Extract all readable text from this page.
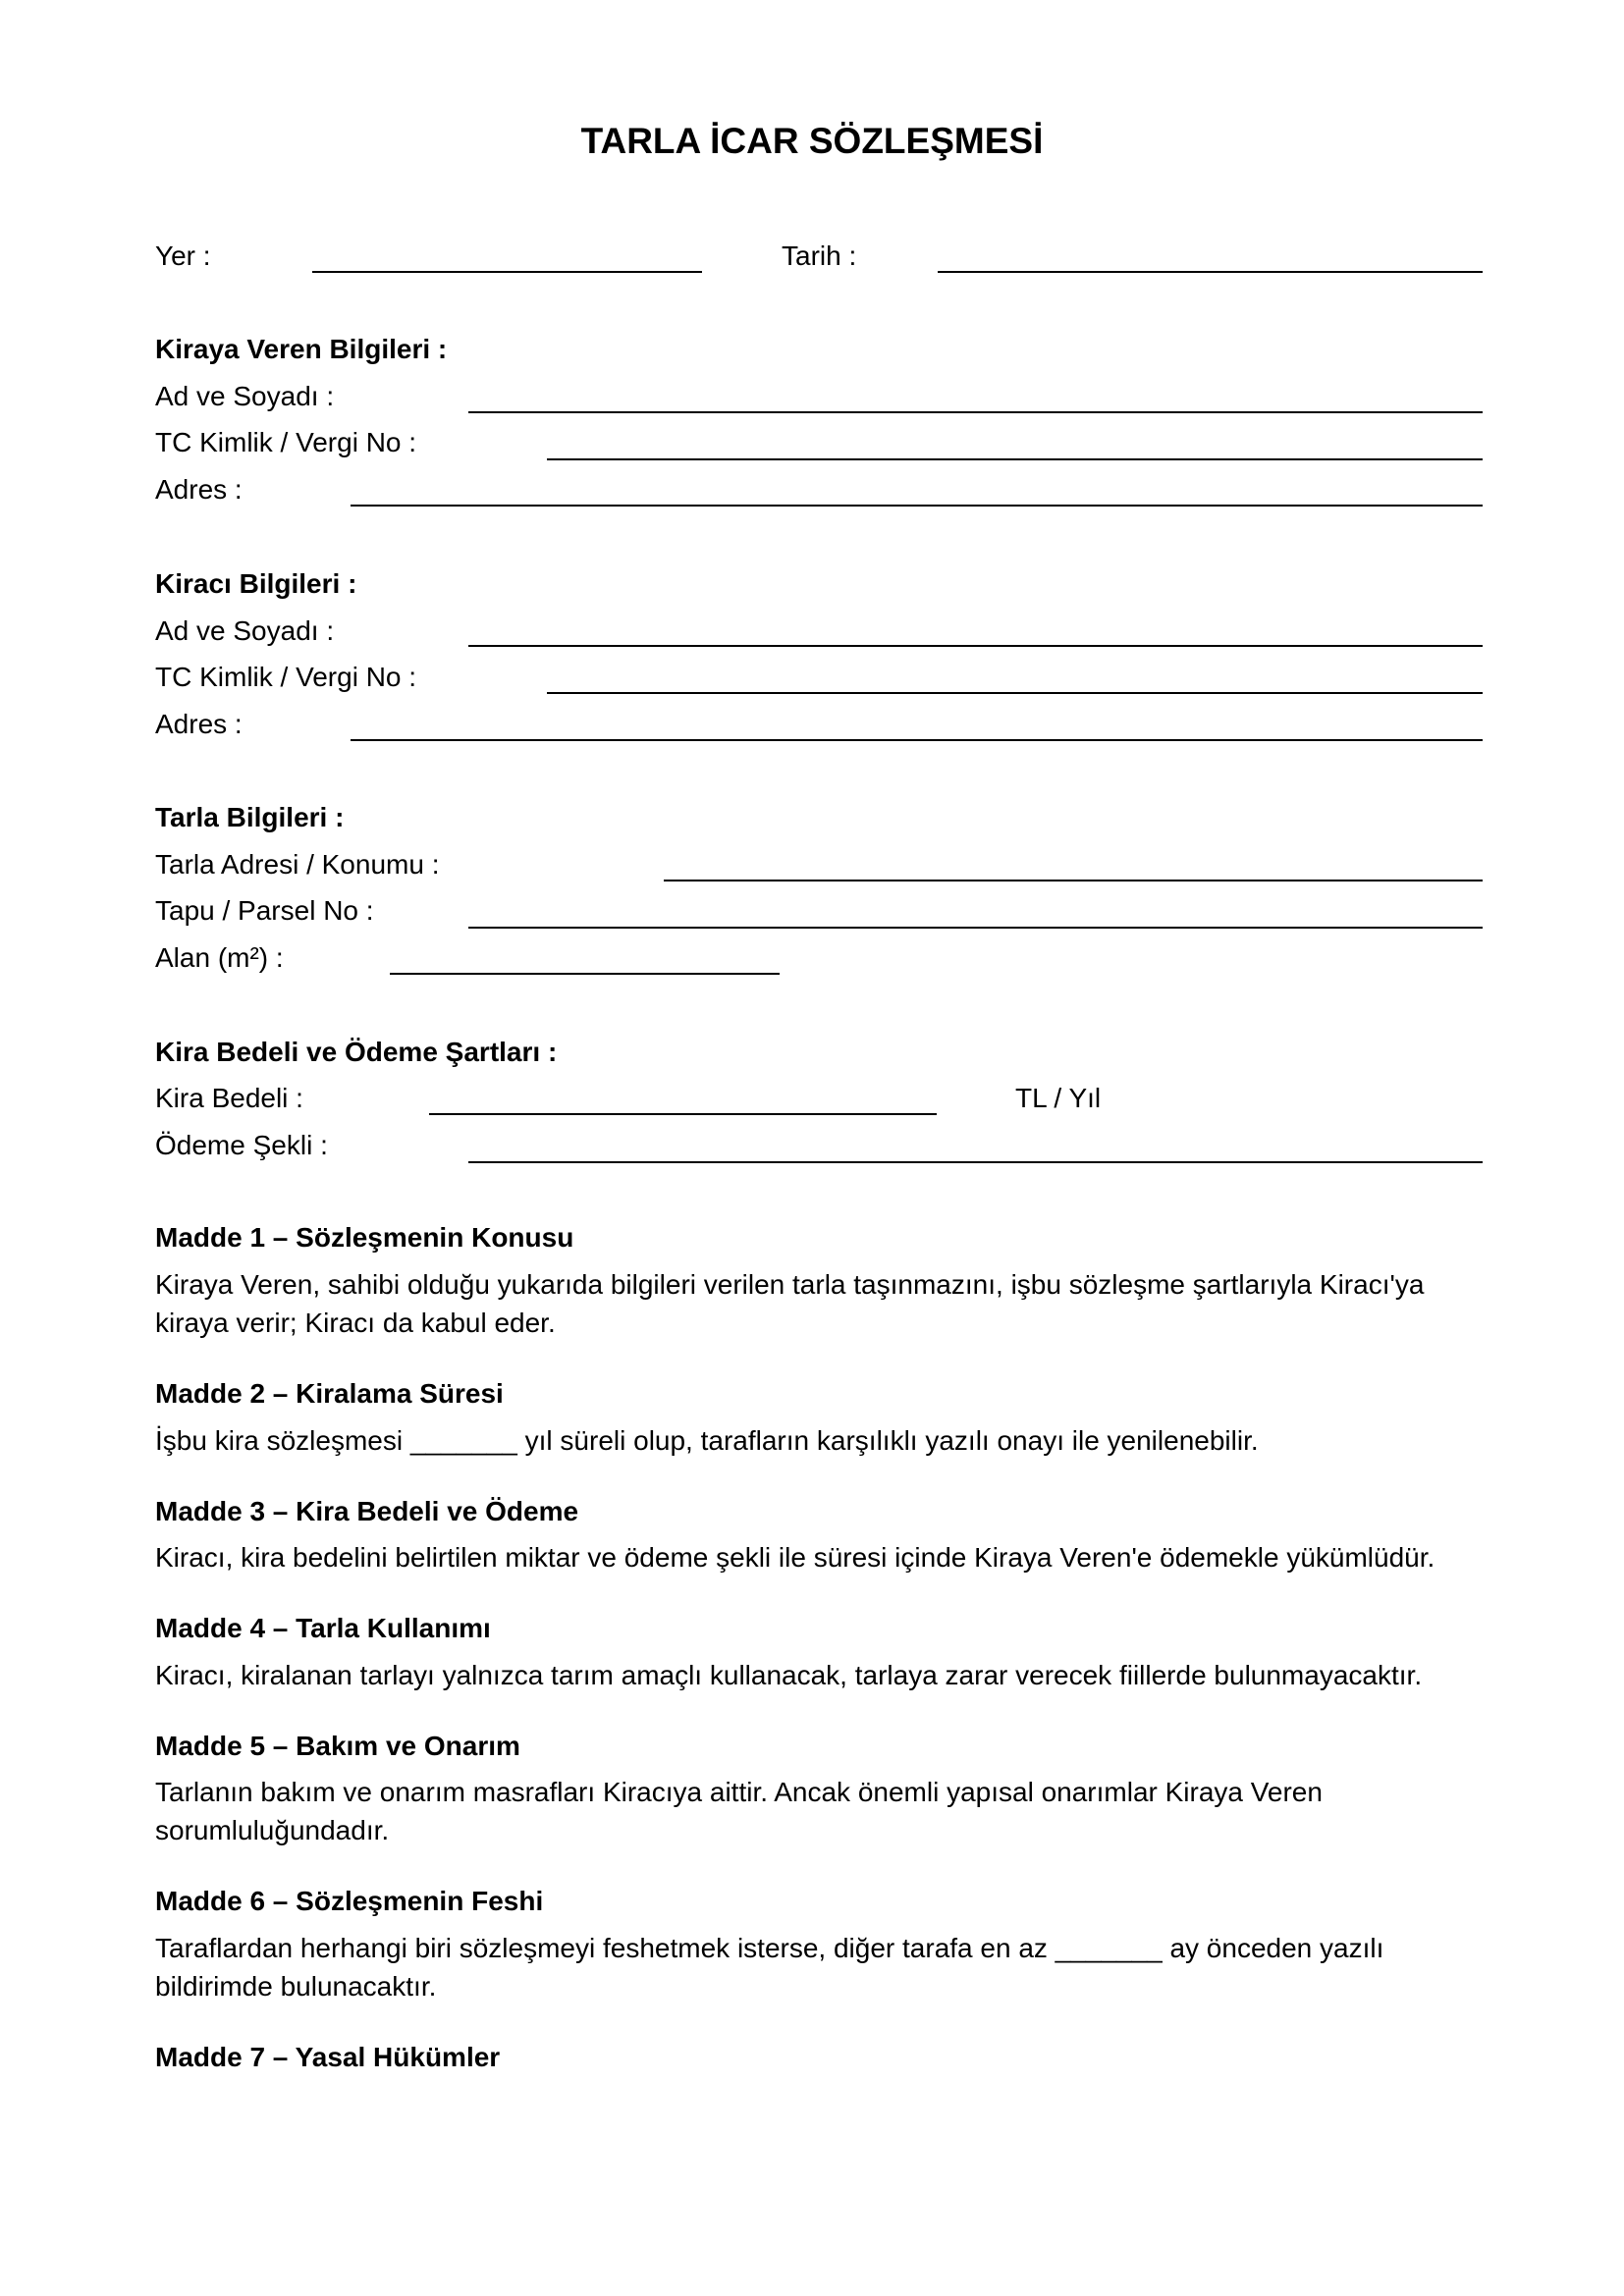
TARLA İCAR SÖZLEŞMESİ
Yer :	Tarih :
Kiraya Veren Bilgileri :
Ad ve Soyadı :
TC Kimlik / Vergi No :
Adres :
Kiracı Bilgileri :
Ad ve Soyadı :
TC Kimlik / Vergi No :
Adres :
Tarla Bilgileri :
Tarla Adresi / Konumu :
Tapu / Parsel No :
Alan (m²) :
Kira Bedeli ve Ödeme Şartları :
Kira Bedeli :	TL / Yıl
Ödeme Şekli :
Madde 1 – Sözleşmenin Konusu
Kiraya Veren, sahibi olduğu yukarıda bilgileri verilen tarla taşınmazını, işbu sözleşme şartlarıyla Kiracı'ya kiraya verir; Kiracı da kabul eder.
Madde 2 – Kiralama Süresi
İşbu kira sözleşmesi _______ yıl süreli olup, tarafların karşılıklı yazılı onayı ile yenilenebilir.
Madde 3 – Kira Bedeli ve Ödeme
Kiracı, kira bedelini belirtilen miktar ve ödeme şekli ile süresi içinde Kiraya Veren'e ödemekle yükümlüdür.
Madde 4 – Tarla Kullanımı
Kiracı, kiralanan tarlayı yalnızca tarım amaçlı kullanacak, tarlaya zarar verecek fiillerde bulunmayacaktır.
Madde 5 – Bakım ve Onarım
Tarlanın bakım ve onarım masrafları Kiracıya aittir. Ancak önemli yapısal onarımlar Kiraya Veren sorumluluğundadır.
Madde 6 – Sözleşmenin Feshi
Taraflardan herhangi biri sözleşmeyi feshetmek isterse, diğer tarafa en az _______ ay önceden yazılı bildirimde bulunacaktır.
Madde 7 – Yasal Hükümler
